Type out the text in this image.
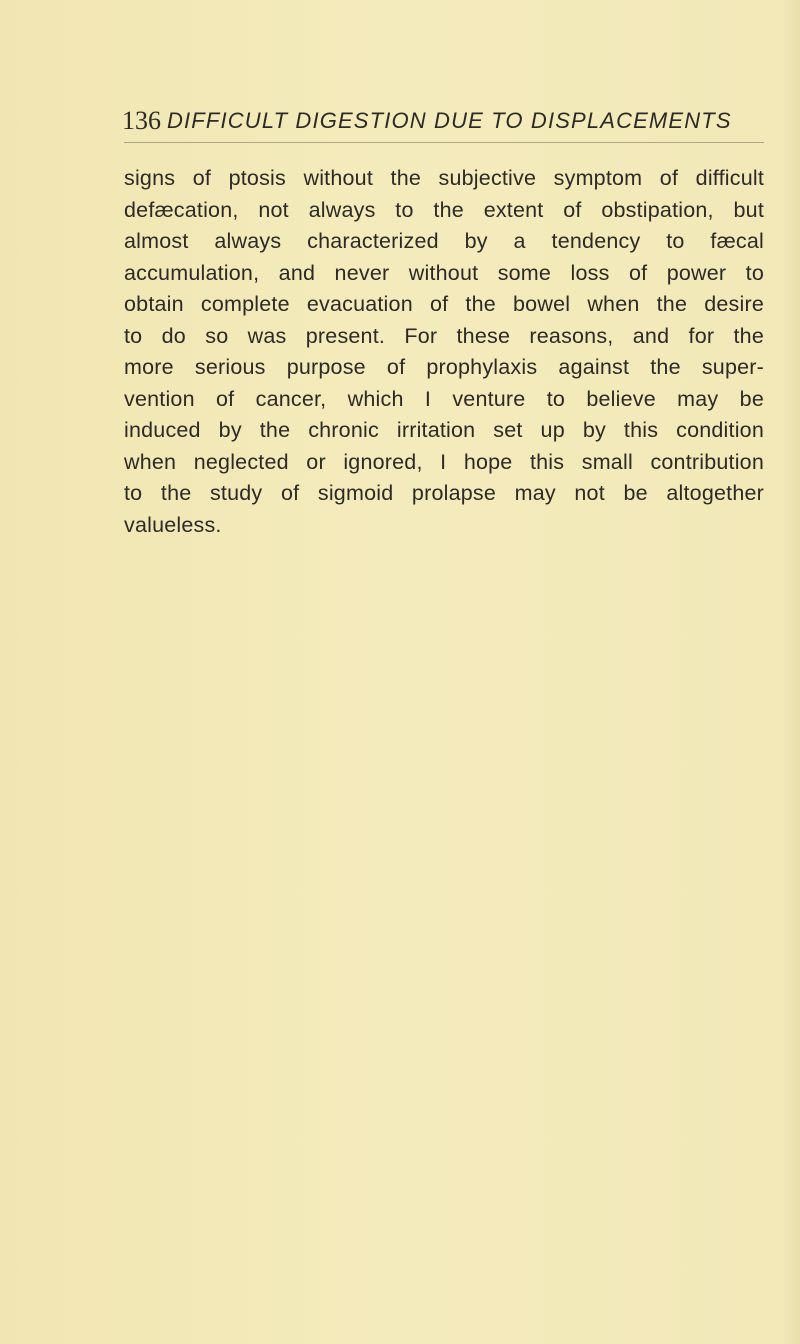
136 DIFFICULT DIGESTION DUE TO DISPLACEMENTS
signs of ptosis without the subjective symptom of difficult
defæcation, not always to the extent of obstipation, but
almost always characterized by a tendency to fæcal
accumulation, and never without some loss of power to
obtain complete evacuation of the bowel when the desire
to do so was present. For these reasons, and for the
more serious purpose of prophylaxis against the super-
vention of cancer, which I venture to believe may be
induced by the chronic irritation set up by this condition
when neglected or ignored, I hope this small contribution
to the study of sigmoid prolapse may not be altogether
valueless.
